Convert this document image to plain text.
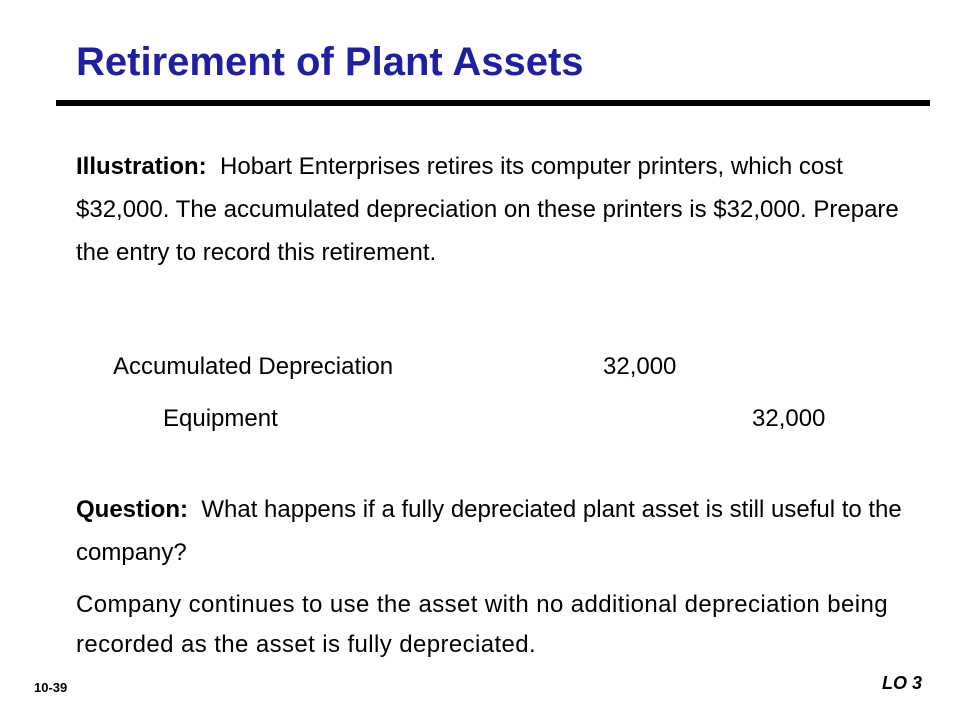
Retirement of Plant Assets
Illustration: Hobart Enterprises retires its computer printers, which cost $32,000. The accumulated depreciation on these printers is $32,000. Prepare the entry to record this retirement.
Accumulated Depreciation	32,000
Equipment	32,000
Question: What happens if a fully depreciated plant asset is still useful to the company?
Company continues to use the asset with no additional depreciation being recorded as the asset is fully depreciated.
10-39	LO 3
